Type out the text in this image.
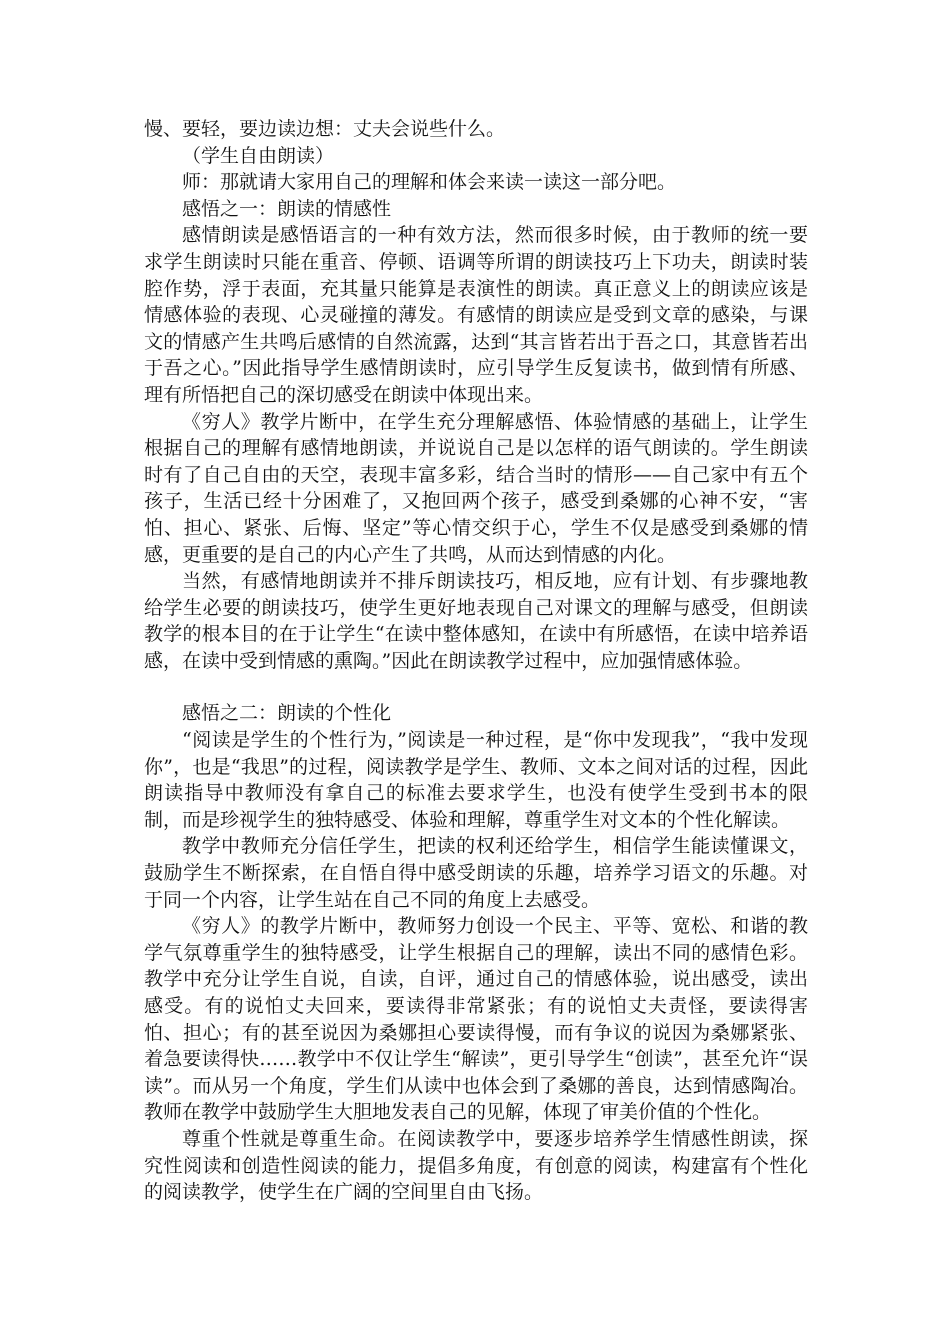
慢、要轻，要边读边想：丈夫会说些什么。

（学生自由朗读）

师：那就请大家用自己的理解和体会来读一读这一部分吧。

感悟之一：朗读的情感性

感情朗读是感悟语言的一种有效方法，然而很多时候，由于教师的统一要求学生朗读时只能在重音、停顿、语调等所谓的朗读技巧上下功夫，朗读时装腔作势，浮于表面，充其量只能算是表演性的朗读。真正意义上的朗读应该是情感体验的表现、心灵碰撞的薄发。有感情的朗读应是受到文章的感染，与课文的情感产生共鸣后感情的自然流露，达到“其言皆若出于吾之口，其意皆若出于吾之心。”因此指导学生感情朗读时，应引导学生反复读书，做到情有所感、理有所悟把自己的深切感受在朗读中体现出来。

《穷人》教学片断中，在学生充分理解感悟、体验情感的基础上，让学生根据自己的理解有感情地朗读，并说说自己是以怎样的语气朗读的。学生朗读时有了自己自由的天空，表现丰富多彩，结合当时的情形——自己家中有五个孩子，生活已经十分困难了，又抱回两个孩子，感受到桑娜的心神不安，“害怕、担心、紧张、后悔、坚定”等心情交织于心，学生不仅是感受到桑娜的情感，更重要的是自己的内心产生了共鸣，从而达到情感的内化。

当然，有感情地朗读并不排斥朗读技巧，相反地，应有计划、有步骤地教给学生必要的朗读技巧，使学生更好地表现自己对课文的理解与感受，但朗读教学的根本目的在于让学生“在读中整体感知，在读中有所感悟，在读中培养语感，在读中受到情感的熏陶。”因此在朗读教学过程中，应加强情感体验。

感悟之二：朗读的个性化

“阅读是学生的个性行为，”阅读是一种过程，是“你中发现我”，“我中发现你”，也是“我思”的过程，阅读教学是学生、教师、文本之间对话的过程，因此朗读指导中教师没有拿自己的标准去要求学生，也没有使学生受到书本的限制，而是珍视学生的独特感受、体验和理解，尊重学生对文本的个性化解读。

教学中教师充分信任学生，把读的权利还给学生，相信学生能读懂课文，鼓励学生不断探索，在自悟自得中感受朗读的乐趣，培养学习语文的乐趣。对于同一个内容，让学生站在自己不同的角度上去感受。

《穷人》的教学片断中，教师努力创设一个民主、平等、宽松、和谐的教学气氛尊重学生的独特感受，让学生根据自己的理解，读出不同的感情色彩。教学中充分让学生自说，自读，自评，通过自己的情感体验，说出感受，读出感受。有的说怕丈夫回来，要读得非常紧张；有的说怕丈夫责怪，要读得害怕、担心；有的甚至说因为桑娜担心要读得慢，而有争议的说因为桑娜紧张、着急要读得快……教学中不仅让学生“解读”，更引导学生“创读”，甚至允许“误读”。而从另一个角度，学生们从读中也体会到了桑娜的善良，达到情感陶冶。教师在教学中鼓励学生大胆地发表自己的见解，体现了审美价值的个性化。

尊重个性就是尊重生命。在阅读教学中，要逐步培养学生情感性朗读，探究性阅读和创造性阅读的能力，提倡多角度，有创意的阅读，构建富有个性化的阅读教学，使学生在广阔的空间里自由飞扬。
